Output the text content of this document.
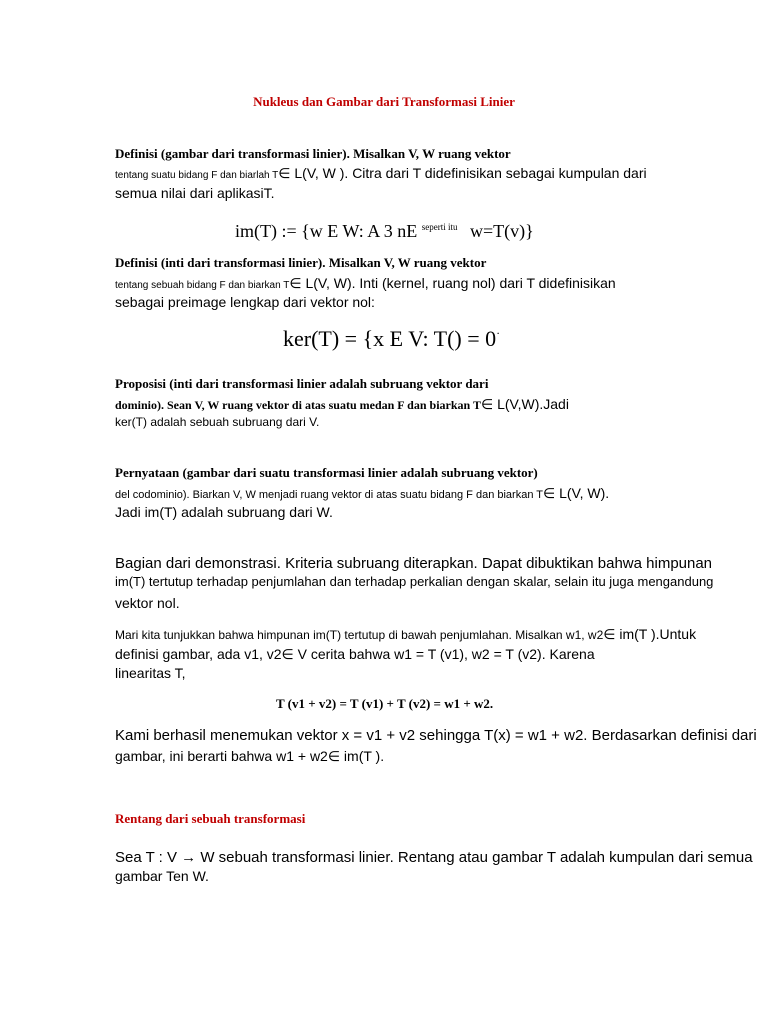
Nukleus dan Gambar dari Transformasi Linier
Definisi (gambar dari transformasi linier). Misalkan V, W ruang vektor
tentang suatu bidang F dan biarlah T∈ L(V, W ). Citra dari T didefinisikan sebagai kumpulan dari
semua nilai dari aplikasiT.
im(T) := {w E W: A 3 nE $^{seperti itu}$ w=T(v)}
Definisi (inti dari transformasi linier). Misalkan V, W ruang vektor
tentang sebuah bidang F dan biarkan T∈ L(V, W). Inti (kernel, ruang nol) dari T didefinisikan
sebagai preimage lengkap dari vektor nol:
ker(T) = {x E V: T() = 0·
Proposisi (inti dari transformasi linier adalah subruang vektor dari
dominio). Sean V, W ruang vektor di atas suatu medan F dan biarkan T∈ L(V,W).Jadi
ker(T) adalah sebuah subruang dari V.
Pernyataan (gambar dari suatu transformasi linier adalah subruang vektor)
del codominio). Biarkan V, W menjadi ruang vektor di atas suatu bidang F dan biarkan T∈ L(V, W).
Jadi im(T) adalah subruang dari W.
Bagian dari demonstrasi. Kriteria subruang diterapkan. Dapat dibuktikan bahwa himpunan
im(T) tertutup terhadap penjumlahan dan terhadap perkalian dengan skalar, selain itu juga mengandung
vektor nol.
Mari kita tunjukkan bahwa himpunan im(T) tertutup di bawah penjumlahan. Misalkan w1, w2∈ im(T ).Untuk
definisi gambar, ada v1, v2∈ V cerita bahwa w1 = T (v1), w2 = T (v2). Karena
linearitas T,
T (v1 + v2) = T (v1) + T (v2) = w1 + w2.
Kami berhasil menemukan vektor x = v1 + v2 sehingga T(x) = w1 + w2. Berdasarkan definisi dari
gambar, ini berarti bahwa w1 + w2∈ im(T ).
Rentang dari sebuah transformasi
Sea T : V → W sebuah transformasi linier. Rentang atau gambar T adalah kumpulan dari semua
gambar Ten W.
